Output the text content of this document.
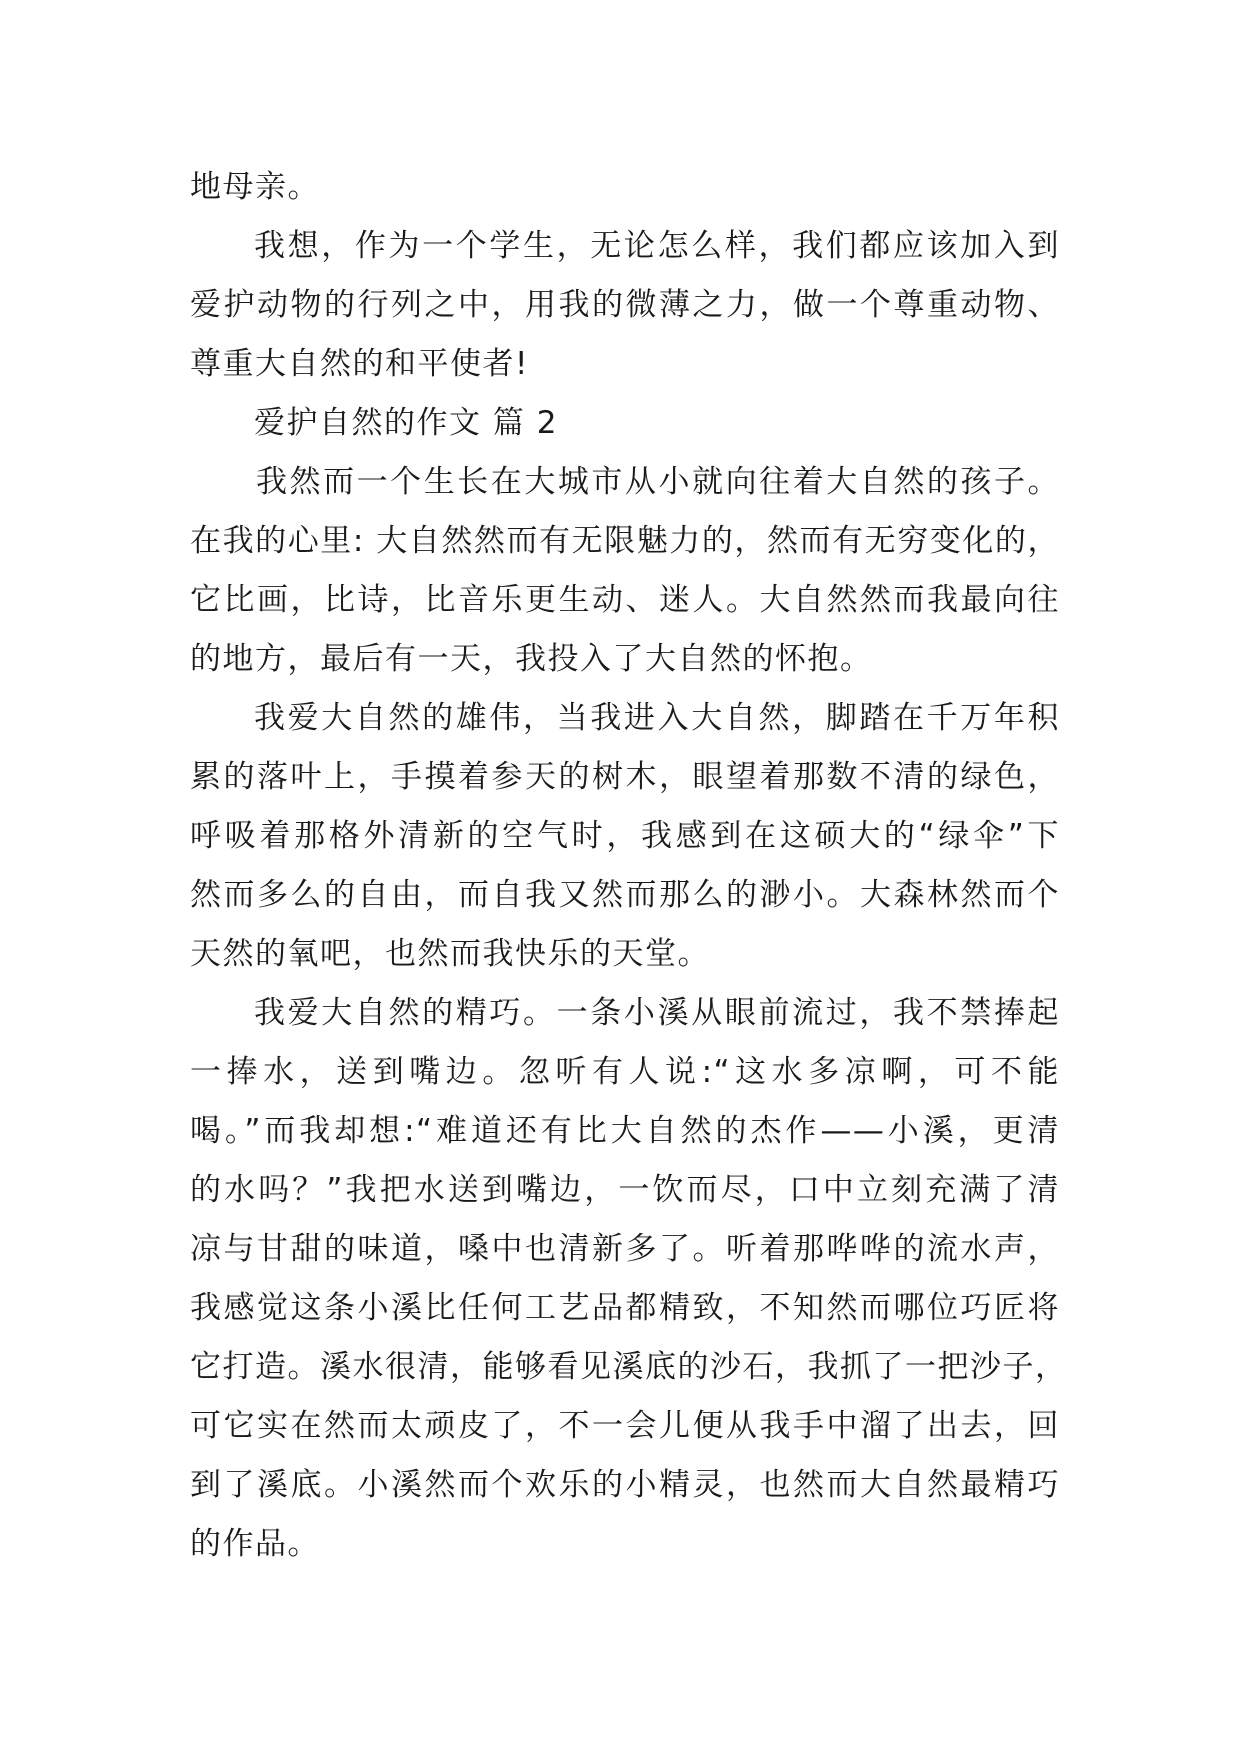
地母亲。
我想，作为一个学生，无论怎么样，我们都应该加入到
爱护动物的行列之中，用我的微薄之力，做一个尊重动物、
尊重大自然的和平使者!
爱护自然的作文 篇 2
我然而一个生长在大城市从小就向往着大自然的孩子。
在我的心里: 大自然然而有无限魅力的，然而有无穷变化的，
它比画，比诗，比音乐更生动、迷人。大自然然而我最向往
的地方，最后有一天，我投入了大自然的怀抱。
我爱大自然的雄伟，当我进入大自然，脚踏在千万年积
累的落叶上，手摸着参天的树木，眼望着那数不清的绿色，
呼吸着那格外清新的空气时，我感到在这硕大的“绿伞”下
然而多么的自由，而自我又然而那么的渺小。大森林然而个
天然的氧吧，也然而我快乐的天堂。
我爱大自然的精巧。一条小溪从眼前流过，我不禁捧起
一捧水，送到嘴边。忽听有人说:“这水多凉啊，可不能
喝。”而我却想:“难道还有比大自然的杰作——小溪，更清
的水吗？”我把水送到嘴边，一饮而尽，口中立刻充满了清
凉与甘甜的味道，嗓中也清新多了。听着那哗哗的流水声，
我感觉这条小溪比任何工艺品都精致，不知然而哪位巧匠将
它打造。溪水很清，能够看见溪底的沙石，我抓了一把沙子，
可它实在然而太顽皮了，不一会儿便从我手中溜了出去，回
到了溪底。小溪然而个欢乐的小精灵，也然而大自然最精巧
的作品。
